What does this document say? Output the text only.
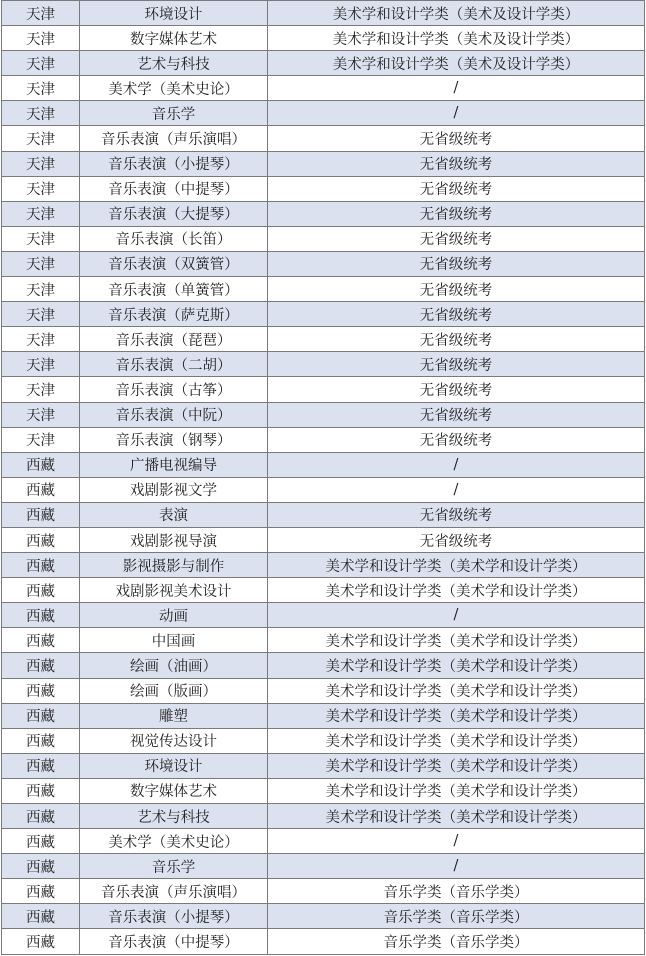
天津	环境设计	美术学和设计学类（美术及设计学类）
天津	数字媒体艺术	美术学和设计学类（美术及设计学类）
天津	艺术与科技	美术学和设计学类（美术及设计学类）
天津	美术学（美术史论）	/
天津	音乐学	/
天津	音乐表演（声乐演唱）	无省级统考
天津	音乐表演（小提琴）	无省级统考
天津	音乐表演（中提琴）	无省级统考
天津	音乐表演（大提琴）	无省级统考
天津	音乐表演（长笛）	无省级统考
天津	音乐表演（双簧管）	无省级统考
天津	音乐表演（单簧管）	无省级统考
天津	音乐表演（萨克斯）	无省级统考
天津	音乐表演（琵琶）	无省级统考
天津	音乐表演（二胡）	无省级统考
天津	音乐表演（古筝）	无省级统考
天津	音乐表演（中阮）	无省级统考
天津	音乐表演（钢琴）	无省级统考
西藏	广播电视编导	/
西藏	戏剧影视文学	/
西藏	表演	无省级统考
西藏	戏剧影视导演	无省级统考
西藏	影视摄影与制作	美术学和设计学类（美术学和设计学类）
西藏	戏剧影视美术设计	美术学和设计学类（美术学和设计学类）
西藏	动画	/
西藏	中国画	美术学和设计学类（美术学和设计学类）
西藏	绘画（油画）	美术学和设计学类（美术学和设计学类）
西藏	绘画（版画）	美术学和设计学类（美术学和设计学类）
西藏	雕塑	美术学和设计学类（美术学和设计学类）
西藏	视觉传达设计	美术学和设计学类（美术学和设计学类）
西藏	环境设计	美术学和设计学类（美术学和设计学类）
西藏	数字媒体艺术	美术学和设计学类（美术学和设计学类）
西藏	艺术与科技	美术学和设计学类（美术学和设计学类）
西藏	美术学（美术史论）	/
西藏	音乐学	/
西藏	音乐表演（声乐演唱）	音乐学类（音乐学类）
西藏	音乐表演（小提琴）	音乐学类（音乐学类）
西藏	音乐表演（中提琴）	音乐学类（音乐学类）
